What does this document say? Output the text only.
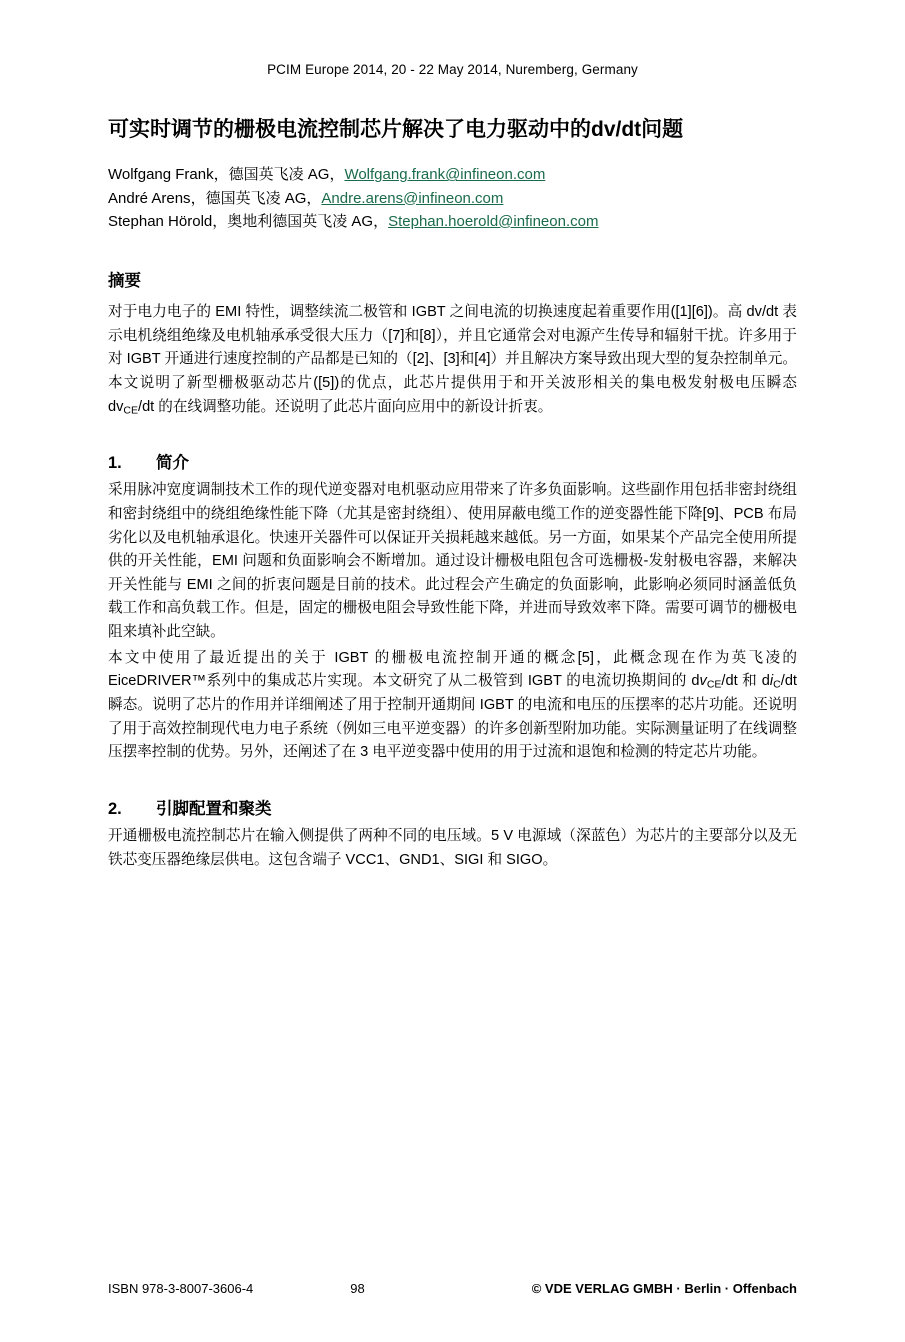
PCIM Europe 2014, 20 - 22 May 2014, Nuremberg, Germany
可实时调节的栅极电流控制芯片解决了电力驱动中的dv/dt问题
Wolfgang Frank，德国英飞凌 AG，Wolfgang.frank@infineon.com
André Arens，德国英飞凌 AG，Andre.arens@infineon.com
Stephan Hörold，奥地利德国英飞凌 AG，Stephan.hoerold@infineon.com
摘要

对于电力电子的 EMI 特性，调整续流二极管和 IGBT 之间电流的切换速度起着重要作用([1][6])。高 dv/dt 表示电机绕组绝缘及电机轴承承受很大压力（[7]和[8]），并且它通常会对电源产生传导和辐射干扰。许多用于对 IGBT 开通进行速度控制的产品都是已知的（[2]、[3]和[4]）并且解决方案导致出现大型的复杂控制单元。本文说明了新型栅极驱动芯片([5])的优点，此芯片提供用于和开关波形相关的集电极发射极电压瞬态 $dv_{CE}/dt$ 的在线调整功能。还说明了此芯片面向应用中的新设计折衷。

1. 简介

采用脉冲宽度调制技术工作的现代逆变器对电机驱动应用带来了许多负面影响。这些副作用包括非密封绕组和密封绕组中的绕组绝缘性能下降（尤其是密封绕组）、使用屏蔽电缆工作的逆变器性能下降[9]、PCB 布局劣化以及电机轴承退化。快速开关器件可以保证开关损耗越来越低。另一方面，如果某个产品完全使用所提供的开关性能，EMI 问题和负面影响会不断增加。通过设计栅极电阻包含可选栅极-发射极电容器，来解决开关性能与 EMI 之间的折衷问题是目前的技术。此过程会产生确定的负面影响，此影响必须同时涵盖低负载工作和高负载工作。但是，固定的栅极电阻会导致性能下降，并进而导致效率下降。需要可调节的栅极电阻来填补此空缺。

本文中使用了最近提出的关于 IGBT 的栅极电流控制开通的概念[5]，此概念现在作为英飞凌的 EiceDRIVER™系列中的集成芯片实现。本文研究了从二极管到 IGBT 的电流切换期间的 $dv_{CE}/dt$ 和 $di_C/dt$ 瞬态。说明了芯片的作用并详细阐述了用于控制开通期间 IGBT 的电流和电压的压摆率的芯片功能。还说明了用于高效控制现代电力电子系统（例如三电平逆变器）的许多创新型附加功能。实际测量证明了在线调整压摆率控制的优势。另外，还阐述了在 3 电平逆变器中使用的用于过流和退饱和检测的特定芯片功能。

2. 引脚配置和聚类

开通栅极电流控制芯片在输入侧提供了两种不同的电压域。5 V 电源域（深蓝色）为芯片的主要部分以及无铁芯变压器绝缘层供电。这包含端子 VCC1、GND1、SIGI 和 SIGO。

ISBN 978-3-8007-3606-4	98	© VDE VERLAG GMBH · Berlin · Offenbach
